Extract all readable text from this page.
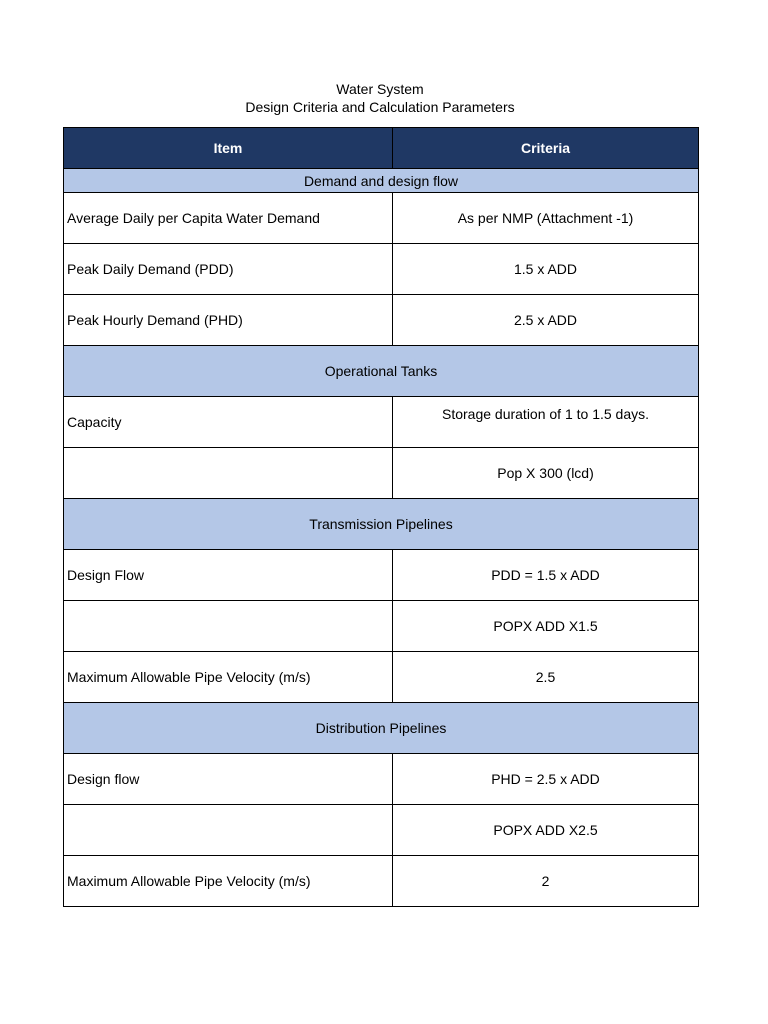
Water System
Design Criteria and Calculation Parameters
Item	Criteria
Demand and design flow	
Average Daily per Capita Water Demand	As per NMP (Attachment -1)
Peak Daily Demand (PDD)	1.5 x ADD
Peak Hourly Demand (PHD)	2.5 x ADD
Operational Tanks	
Capacity	Storage duration of 1 to 1.5 days.
	Pop X 300 (lcd)
Transmission Pipelines	
Design Flow	PDD = 1.5 x ADD
	POPX ADD X1.5
Maximum Allowable Pipe Velocity (m/s)	2.5
Distribution Pipelines	
Design flow	PHD = 2.5 x ADD
	POPX ADD X2.5
Maximum Allowable Pipe Velocity (m/s)	2
